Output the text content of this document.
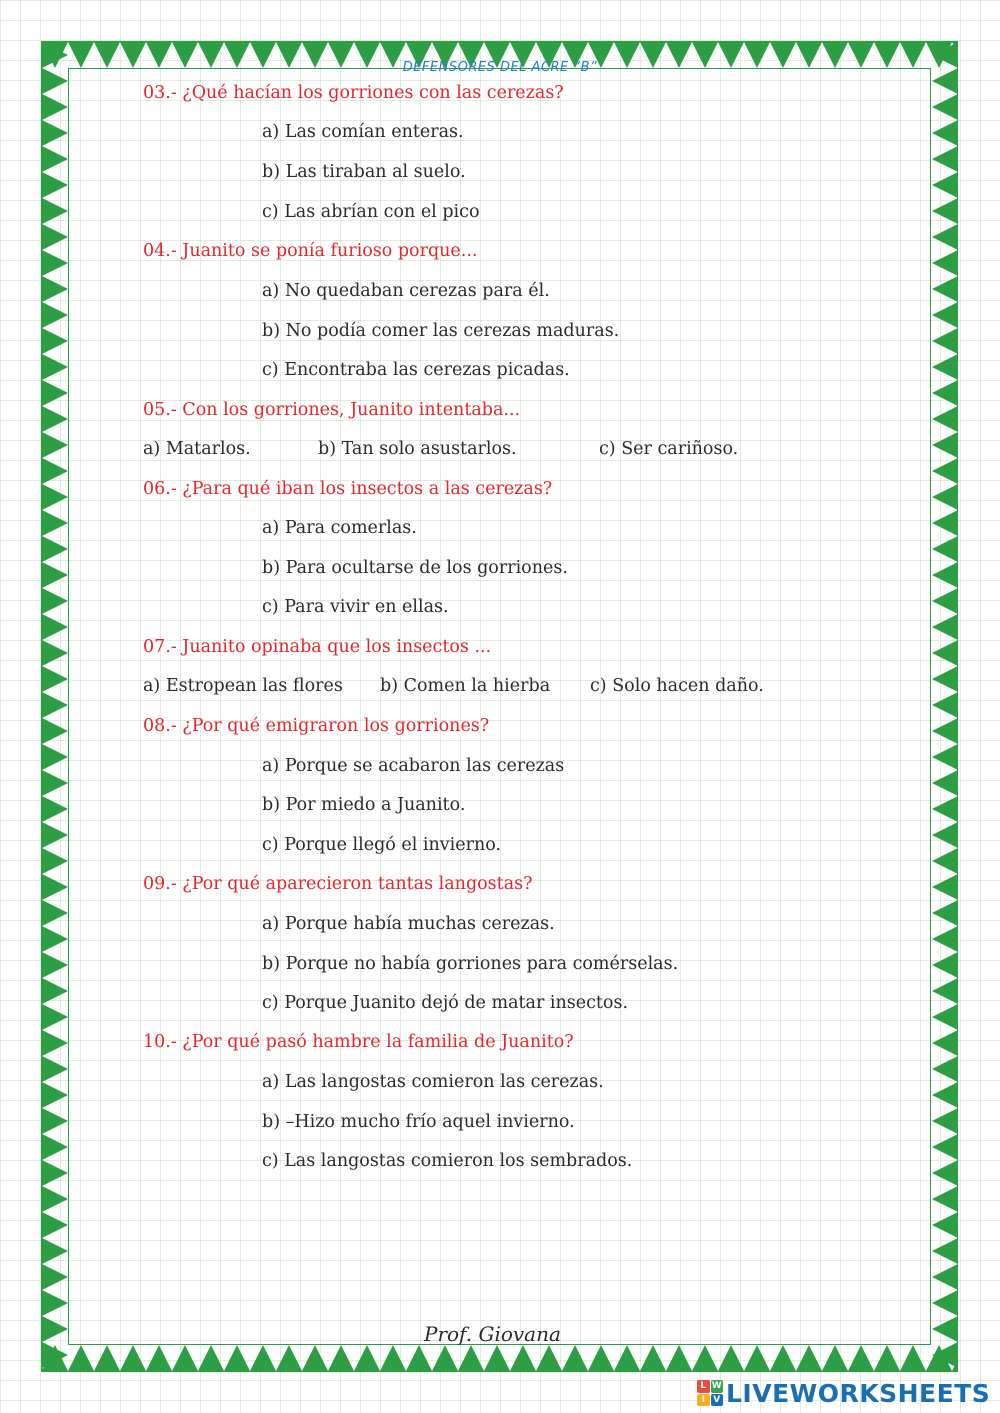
DEFENSORES DEL ACRE “B”
03.- ¿Qué hacían los gorriones con las cerezas?
a) Las comían enteras.
b) Las tiraban al suelo.
c) Las abrían con el pico
04.- Juanito se ponía furioso porque...
a) No quedaban cerezas para él.
b) No podía comer las cerezas maduras.
c) Encontraba las cerezas picadas.
05.- Con los gorriones, Juanito intentaba...
a) Matarlos.	b) Tan solo asustarlos.	c) Ser cariñoso.
06.- ¿Para qué iban los insectos a las cerezas?
a) Para comerlas.
b) Para ocultarse de los gorriones.
c) Para vivir en ellas.
07.- Juanito opinaba que los insectos ...
a) Estropean las flores b) Comen la hierba c) Solo hacen daño.
08.- ¿Por qué emigraron los gorriones?
a) Porque se acabaron las cerezas
b) Por miedo a Juanito.
c) Porque llegó el invierno.
09.- ¿Por qué aparecieron tantas langostas?
a) Porque había muchas cerezas.
b) Porque no había gorriones para comérselas.
c) Porque Juanito dejó de matar insectos.
10.- ¿Por qué pasó hambre la familia de Juanito?
a) Las langostas comieron las cerezas.
b) –Hizo mucho frío aquel invierno.
c) Las langostas comieron los sembrados.
Prof. Giovana
L W
I V LIVEWORKSHEETS
